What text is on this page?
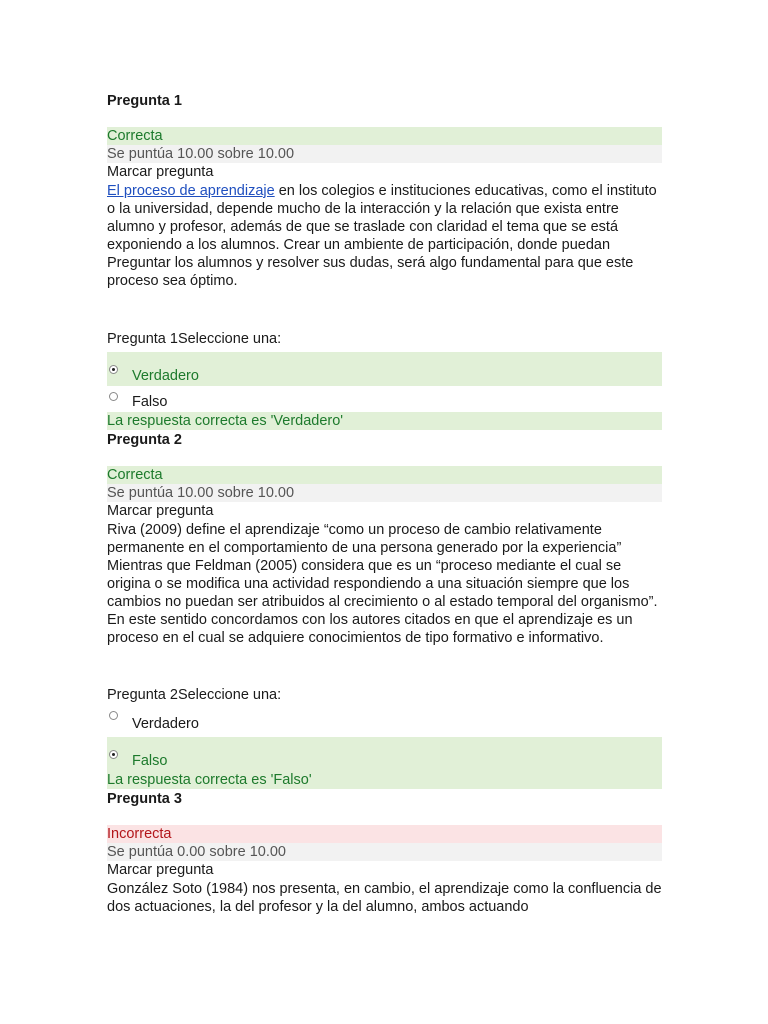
Pregunta 1
Correcta
Se puntúa 10.00 sobre 10.00
Marcar pregunta
El proceso de aprendizaje en los colegios e instituciones educativas, como el instituto o la universidad, depende mucho de la interacción y la relación que exista entre alumno y profesor, además de que se traslade con claridad el tema que se está exponiendo a los alumnos. Crear un ambiente de participación, donde puedan Preguntar los alumnos y resolver sus dudas, será algo fundamental para que este proceso sea óptimo.
Pregunta 1Seleccione una:
Verdadero
Falso
La respuesta correcta es 'Verdadero'
Pregunta 2
Correcta
Se puntúa 10.00 sobre 10.00
Marcar pregunta
Riva (2009) define el aprendizaje “como un proceso de cambio relativamente permanente en el comportamiento de una persona generado por la experiencia” Mientras que Feldman (2005) considera que es un “proceso mediante el cual se origina o se modifica una actividad respondiendo a una situación siempre que los cambios no puedan ser atribuidos al crecimiento o al estado temporal del organismo”. En este sentido concordamos con los autores citados en que el aprendizaje es un proceso en el cual se adquiere conocimientos de tipo formativo e informativo.
Pregunta 2Seleccione una:
Verdadero
Falso
La respuesta correcta es 'Falso'
Pregunta 3
Incorrecta
Se puntúa 0.00 sobre 10.00
Marcar pregunta
González Soto (1984) nos presenta, en cambio, el aprendizaje como la confluencia de dos actuaciones, la del profesor y la del alumno, ambos actuando
